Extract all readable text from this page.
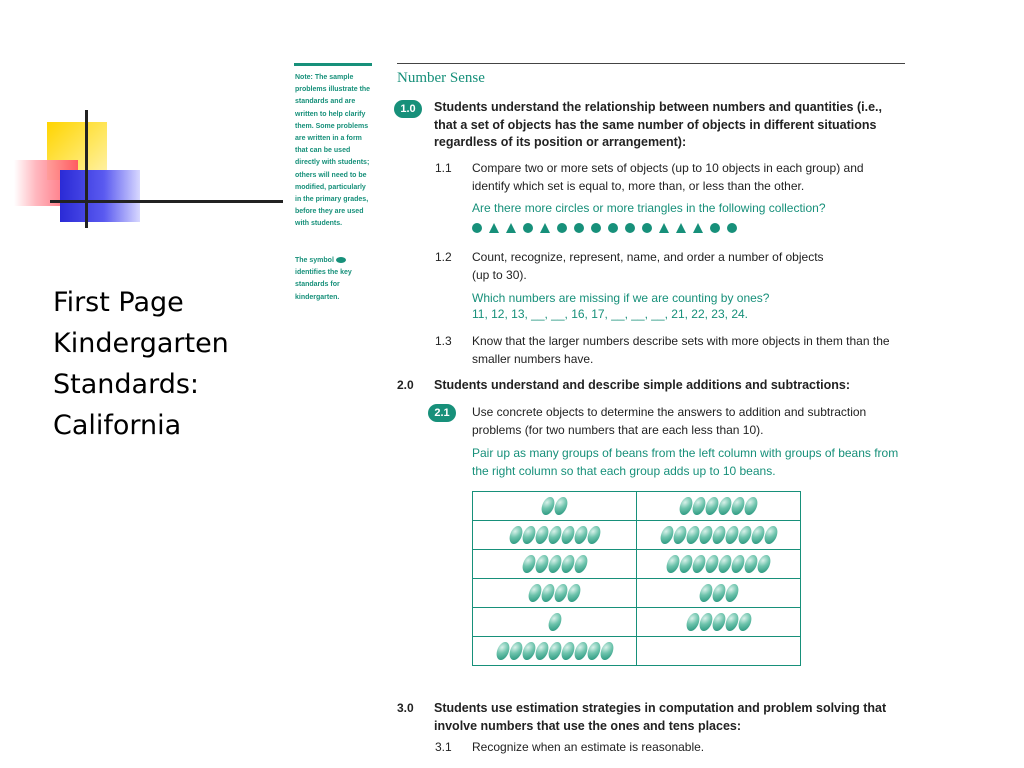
First Page
Kindergarten
Standards:
California
Note: The sample problems illustrate the standards and are written to help clarify them. Some problems are written in a form that can be used directly with students; others will need to be modified, particularly in the primary grades, before they are used with students.
The symbol  identifies the key standards for kindergarten.
Number Sense
1.0	Students understand the relationship between numbers and quantities (i.e., that a set of objects has the same number of objects in different situations regardless of its position or arrangement):
1.1 Compare two or more sets of objects (up to 10 objects in each group) and identify which set is equal to, more than, or less than the other.
Are there more circles or more triangles in the following collection?
1.2 Count, recognize, represent, name, and order a number of objects (up to 30).
Which numbers are missing if we are counting by ones?
11, 12, 13, __, __, 16, 17, __, __, __, 21, 22, 23, 24.
1.3 Know that the larger numbers describe sets with more objects in them than the smaller numbers have.
2.0 Students understand and describe simple additions and subtractions:
2.1	Use concrete objects to determine the answers to addition and subtraction problems (for two numbers that are each less than 10).
Pair up as many groups of beans from the left column with groups of beans from the right column so that each group adds up to 10 beans.

3.0 Students use estimation strategies in computation and problem solving that involve numbers that use the ones and tens places:
3.1 Recognize when an estimate is reasonable.
